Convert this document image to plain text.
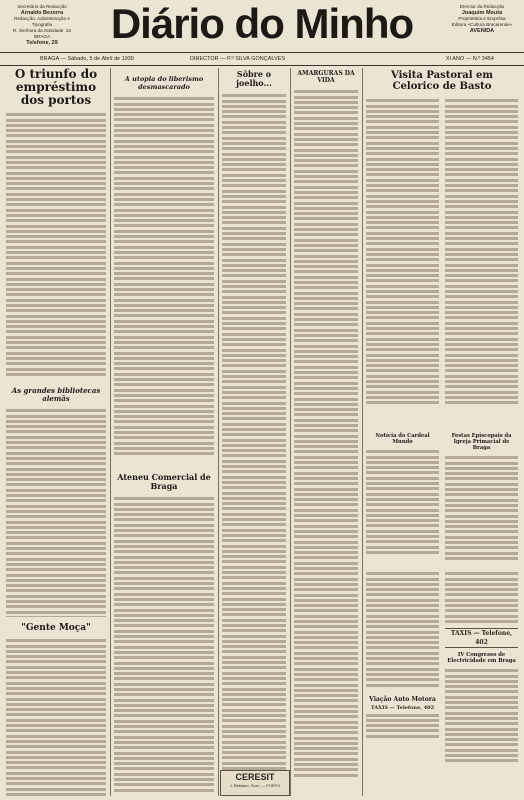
Secretário da Redacção
Arnaldo Bezerra
Redacção, Administração e Tipografia
R. Senhora da Soledade, 34
BRAGA
Telefone, 29	Diário do Minho	Director da Redacção
Joaquim Mouta
Proprietária e Emprêsa
Editora «Cultura Bracarense»
AVENIDA
BRAGA — Sábado, 5 de Abril de 1930	DIRECTOR — P.º SILVA GONÇALVES	XI ANO — N.º 3454
O triunfo do empréstimo dos portos
As grandes bibliotecas alemãs
"Gente Moça"
A utopia do liberismo desmascarado
Ateneu Comercial de Braga
Sôbre o joelho...
AMARGURAS DA VIDA	Visita Pastoral em Celorico de Basto
Notícia do Cardeal Mundo
Festas Episcopais da Igreja Primacial de Braga
Viação Auto Motora
TAXIS — Telefone, 402
TAXIS — Telefone, 402
IV Congresso de Electricidade em Braga
CERESIT
J. Bebiano, Sucr. — PORTO
